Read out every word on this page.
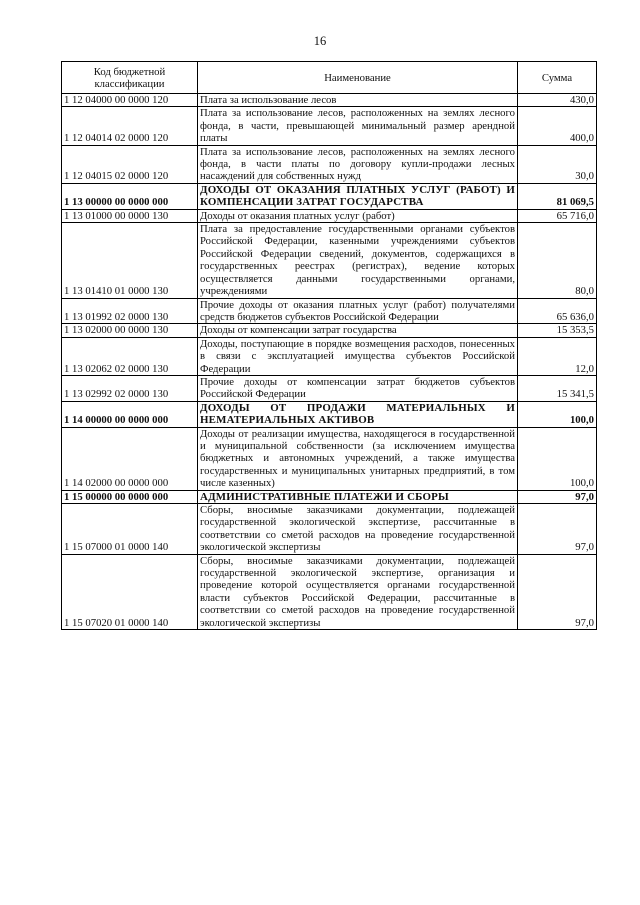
16
Код бюджетной классификации	Наименование	Сумма
1 12 04000 00 0000 120	Плата за использование лесов	430,0
1 12 04014 02 0000 120	Плата за использование лесов, расположенных на землях лесного фонда, в части, превышающей минимальный размер арендной платы	400,0
1 12 04015 02 0000 120	Плата за использование лесов, расположенных на землях лесного фонда, в части платы по договору купли-продажи лесных насаждений для собственных нужд	30,0
1 13 00000 00 0000 000	ДОХОДЫ ОТ ОКАЗАНИЯ ПЛАТНЫХ УСЛУГ (РАБОТ) И КОМПЕНСАЦИИ ЗАТРАТ ГОСУДАРСТВА	81 069,5
1 13 01000 00 0000 130	Доходы от оказания платных услуг (работ)	65 716,0
1 13 01410 01 0000 130	Плата за предоставление государственными органами субъектов Российской Федерации, казенными учреждениями субъектов Российской Федерации сведений, документов, содержащихся в государственных реестрах (регистрах), ведение которых осуществляется данными государственными органами, учреждениями	80,0
1 13 01992 02 0000 130	Прочие доходы от оказания платных услуг (работ) получателями средств бюджетов субъектов Российской Федерации	65 636,0
1 13 02000 00 0000 130	Доходы от компенсации затрат государства	15 353,5
1 13 02062 02 0000 130	Доходы, поступающие в порядке возмещения расходов, понесенных в связи с эксплуатацией имущества субъектов Российской Федерации	12,0
1 13 02992 02 0000 130	Прочие доходы от компенсации затрат бюджетов субъектов Российской Федерации	15 341,5
1 14 00000 00 0000 000	ДОХОДЫ ОТ ПРОДАЖИ МАТЕРИАЛЬНЫХ И НЕМАТЕРИАЛЬНЫХ АКТИВОВ	100,0
1 14 02000 00 0000 000	Доходы от реализации имущества, находящегося в государственной и муниципальной собственности (за исключением имущества бюджетных и автономных учреждений, а также имущества государственных и муниципальных унитарных предприятий, в том числе казенных)	100,0
1 15 00000 00 0000 000	АДМИНИСТРАТИВНЫЕ ПЛАТЕЖИ И СБОРЫ	97,0
1 15 07000 01 0000 140	Сборы, вносимые заказчиками документации, подлежащей государственной экологической экспертизе, рассчитанные в соответствии со сметой расходов на проведение государственной экологической экспертизы	97,0
1 15 07020 01 0000 140	Сборы, вносимые заказчиками документации, подлежащей государственной экологической экспертизе, организация и проведение которой осуществляется органами государственной власти субъектов Российской Федерации, рассчитанные в соответствии со сметой расходов на проведение государственной экологической экспертизы	97,0
